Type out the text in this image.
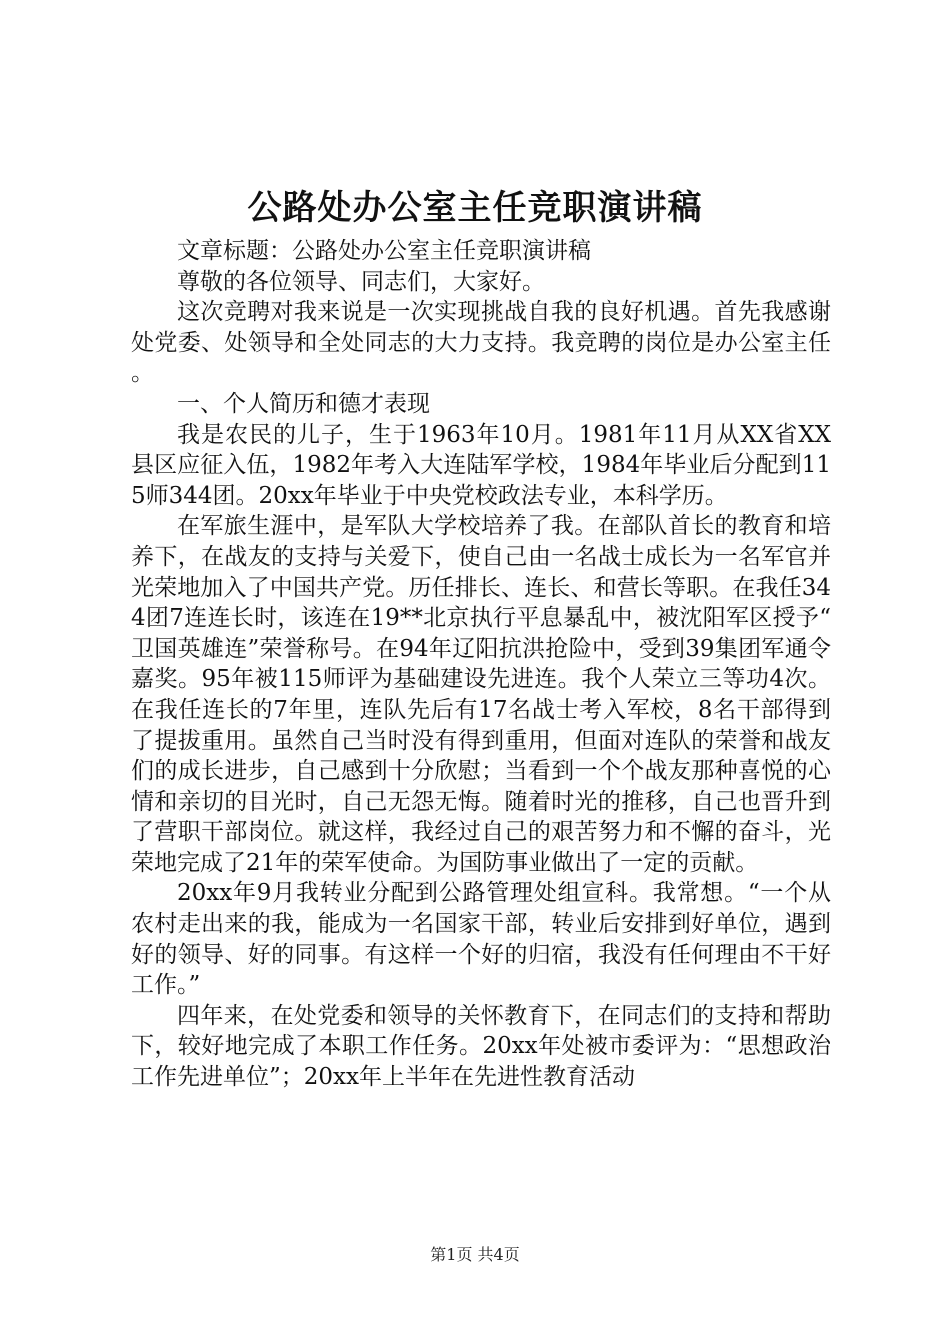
公路处办公室主任竞职演讲稿

文章标题：公路处办公室主任竞职演讲稿

尊敬的各位领导、同志们，大家好。

这次竞聘对我来说是一次实现挑战自我的良好机遇。首先我感谢处党委、处领导和全处同志的大力支持。我竞聘的岗位是办公室主任。

一、个人简历和德才表现

我是农民的儿子，生于1963年10月。1981年11月从XX省XX县区应征入伍，1982年考入大连陆军学校，1984年毕业后分配到115师344团。20xx年毕业于中央党校政法专业，本科学历。

在军旅生涯中，是军队大学校培养了我。在部队首长的教育和培养下，在战友的支持与关爱下，使自己由一名战士成长为一名军官并光荣地加入了中国共产党。历任排长、连长、和营长等职。在我任344团7连连长时，该连在19**北京执行平息暴乱中，被沈阳军区授予“卫国英雄连”荣誉称号。在94年辽阳抗洪抢险中，受到39集团军通令嘉奖。95年被115师评为基础建设先进连。我个人荣立三等功4次。在我任连长的7年里，连队先后有17名战士考入军校，8名干部得到了提拔重用。虽然自己当时没有得到重用，但面对连队的荣誉和战友们的成长进步，自己感到十分欣慰；当看到一个个战友那种喜悦的心情和亲切的目光时，自己无怨无悔。随着时光的推移，自己也晋升到了营职干部岗位。就这样，我经过自己的艰苦努力和不懈的奋斗，光荣地完成了21年的荣军使命。为国防事业做出了一定的贡献。

20xx年9月我转业分配到公路管理处组宣科。我常想。“一个从农村走出来的我，能成为一名国家干部，转业后安排到好单位，遇到好的领导、好的同事。有这样一个好的归宿，我没有任何理由不干好工作。”

四年来，在处党委和领导的关怀教育下，在同志们的支持和帮助下，较好地完成了本职工作任务。20xx年处被市委评为：“思想政治工作先进单位”；20xx年上半年在先进性教育活动

第1页 共4页
